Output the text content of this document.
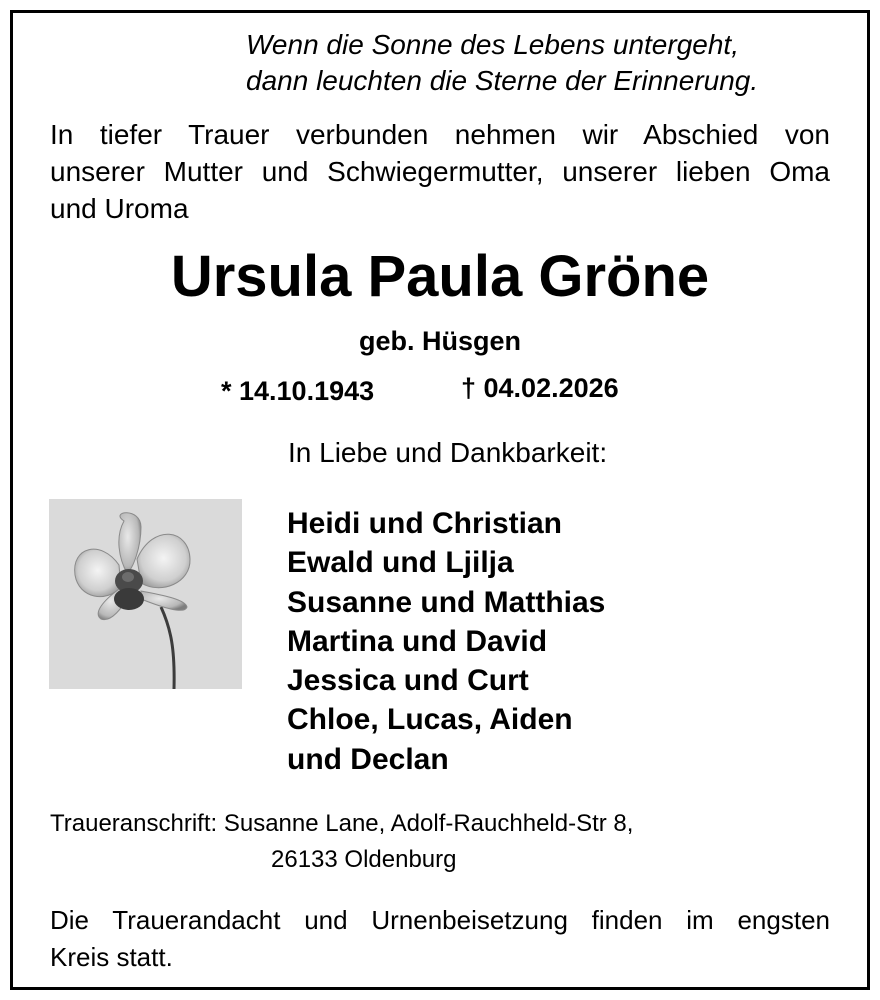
Wenn die Sonne des Lebens untergeht,
dann leuchten die Sterne der Erinnerung.
In tiefer Trauer verbunden nehmen wir Abschied von
unserer Mutter und Schwiegermutter, unserer lieben Oma
und Uroma
Ursula Paula Gröne
geb. Hüsgen
* 14.10.1943	† 04.02.2026
In Liebe und Dankbarkeit:
Heidi und Christian
Ewald und Ljilja
Susanne und Matthias
Martina und David
Jessica und Curt
Chloe, Lucas, Aiden
und Declan
Traueranschrift: Susanne Lane, Adolf-Rauchheld-Str 8,
26133 Oldenburg
Die Trauerandacht und Urnenbeisetzung finden im engsten
Kreis statt.
